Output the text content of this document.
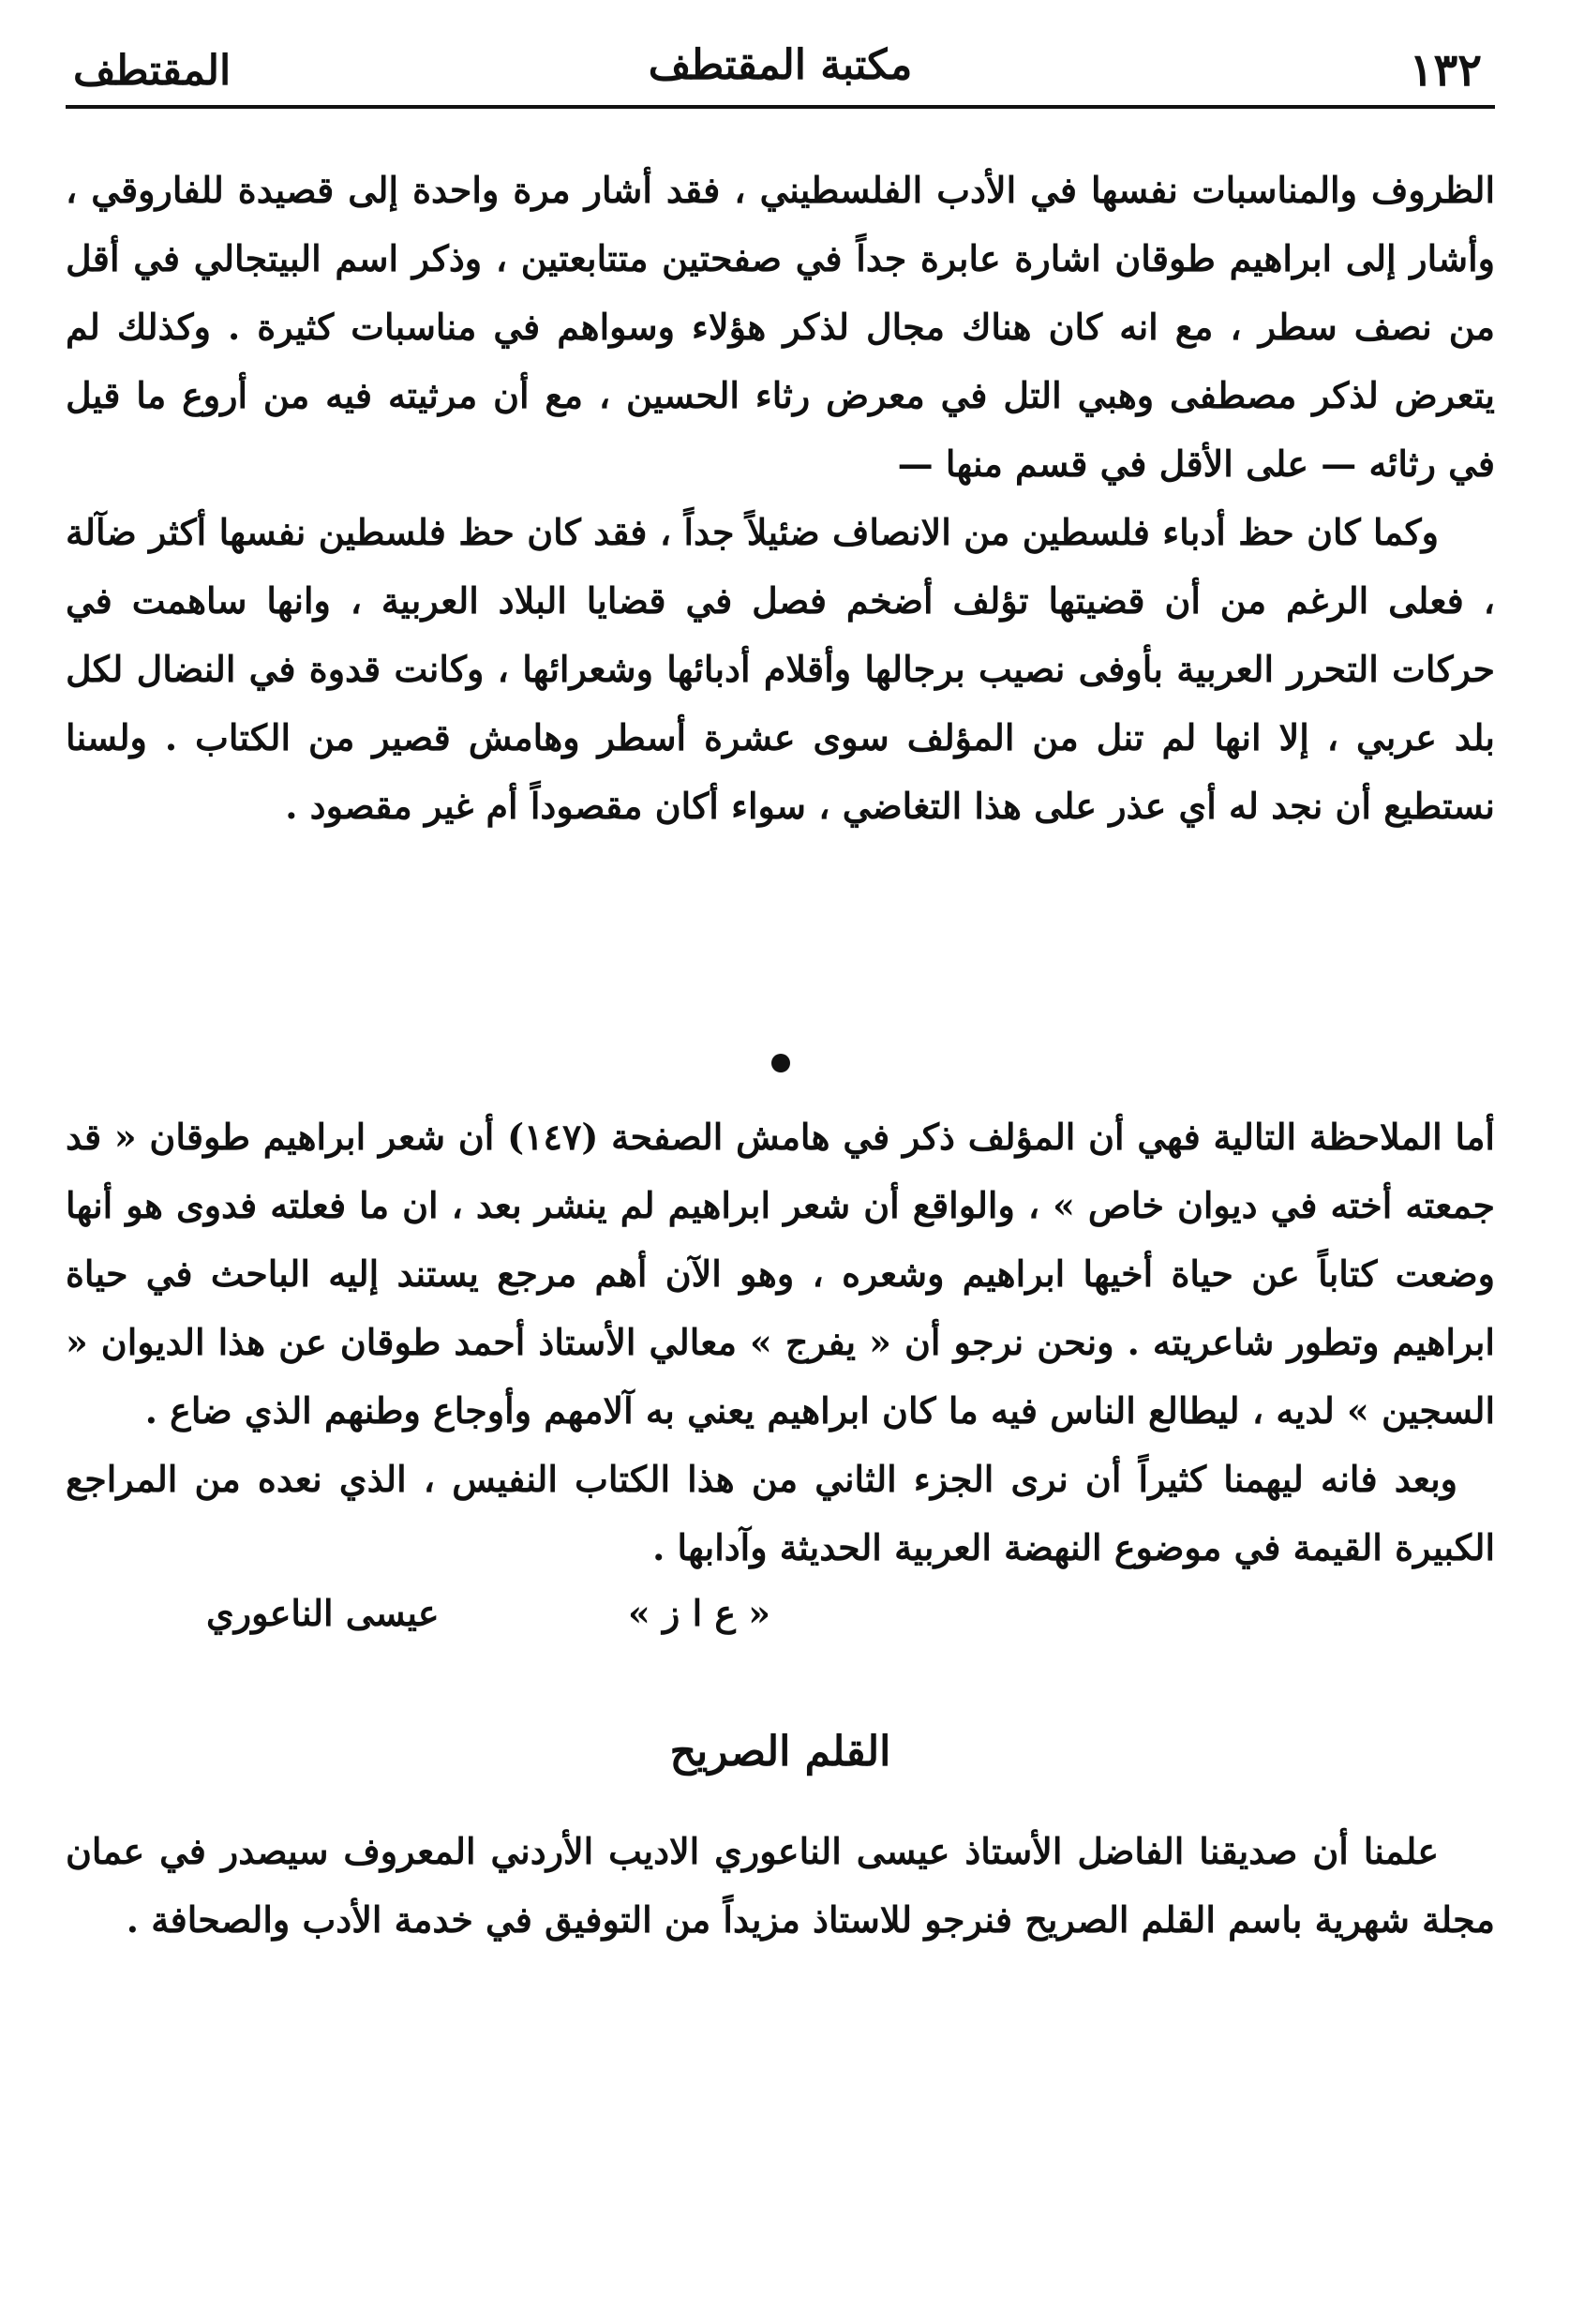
١٣٢
مكتبة المقتطف
المقتطف

الظروف والمناسبات نفسها في الأدب الفلسطيني ، فقد أشار مرة واحدة إلى قصيدة للفاروقي ، وأشار إلى ابراهيم طوقان اشارة عابرة جداً في صفحتين متتابعتين ، وذكر اسم البيتجالي في أقل من نصف سطر ، مع انه كان هناك مجال لذكر هؤلاء وسواهم في مناسبات كثيرة . وكذلك لم يتعرض لذكر مصطفى وهبي التل في معرض رثاء الحسين ، مع أن مرثيته فيه من أروع ما قيل في رثائه — على الأقل في قسم منها —

وكما كان حظ أدباء فلسطين من الانصاف ضئيلاً جداً ، فقد كان حظ فلسطين نفسها أكثر ضآلة ، فعلى الرغم من أن قضيتها تؤلف أضخم فصل في قضايا البلاد العربية ، وانها ساهمت في حركات التحرر العربية بأوفى نصيب برجالها وأقلام أدبائها وشعرائها ، وكانت قدوة في النضال لكل بلد عربي ، إلا انها لم تنل من المؤلف سوى عشرة أسطر وهامش قصير من الكتاب . ولسنا نستطيع أن نجد له أي عذر على هذا التغاضي ، سواء أكان مقصوداً أم غير مقصود .

أما الملاحظة التالية فهي أن المؤلف ذكر في هامش الصفحة (١٤٧) أن شعر ابراهيم طوقان « قد جمعته أخته في ديوان خاص » ، والواقع أن شعر ابراهيم لم ينشر بعد ، ان ما فعلته فدوى هو أنها وضعت كتاباً عن حياة أخيها ابراهيم وشعره ، وهو الآن أهم مرجع يستند إليه الباحث في حياة ابراهيم وتطور شاعريته . ونحن نرجو أن « يفرج » معالي الأستاذ أحمد طوقان عن هذا الديوان « السجين » لديه ، ليطالع الناس فيه ما كان ابراهيم يعني به آلامهم وأوجاع وطنهم الذي ضاع .

وبعد فانه ليهمنا كثيراً أن نرى الجزء الثاني من هذا الكتاب النفيس ، الذي نعده من المراجع الكبيرة القيمة في موضوع النهضة العربية الحديثة وآدابها .

« ع ا ز »
عيسى الناعوري
القلم الصريح

علمنا أن صديقنا الفاضل الأستاذ عيسى الناعوري الاديب الأردني المعروف سيصدر في عمان مجلة شهرية باسم القلم الصريح فنرجو للاستاذ مزيداً من التوفيق في خدمة الأدب والصحافة .
